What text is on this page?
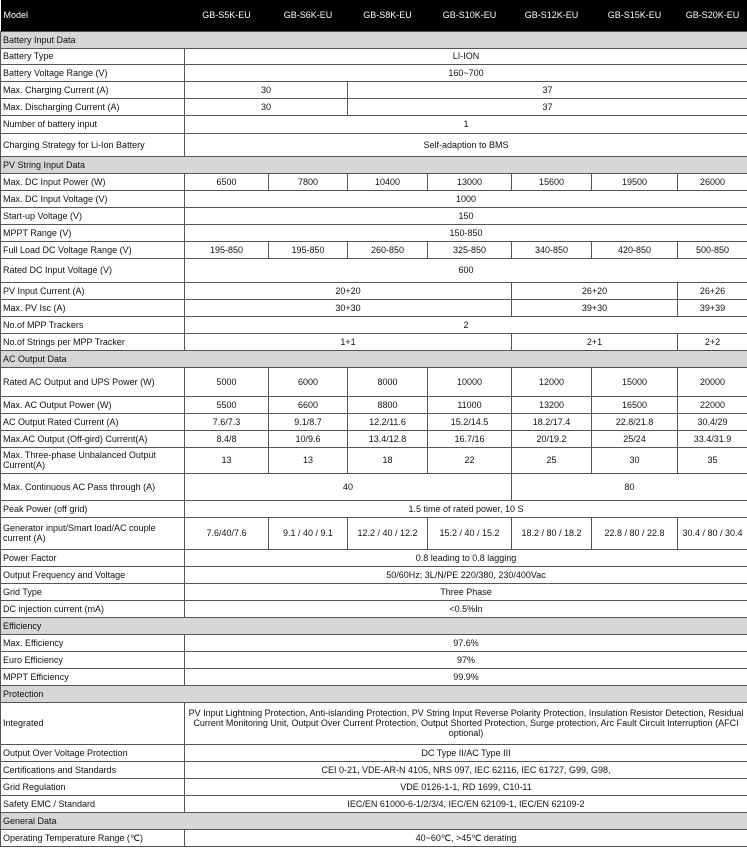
Model	GB-S5K-EU	GB-S6K-EU	GB-S8K-EU	GB-S10K-EU	GB-S12K-EU	GB-S15K-EU	GB-S20K-EU
Battery Input Data							
Battery Type	LI-ION						
Battery Voltage Range (V)	160~700						
Max. Charging Current (A)	30		37				
Max. Discharging Current (A)	30		37				
Number of battery input	1						
Charging Strategy for Li-Ion Battery	Self-adaption to BMS						
PV String Input Data							
Max. DC Input Power (W)	6500	7800	10400	13000	15600	19500	26000
Max. DC Input Voltage (V)	1000						
Start-up Voltage (V)	150						
MPPT Range (V)	150-850						
Full Load DC Voltage Range (V)	195-850	195-850	260-850	325-850	340-850	420-850	500-850
Rated DC Input Voltage (V)	600						
PV Input Current (A)	20+20				26+20		26+26
Max. PV Isc (A)	30+30				39+30		39+39
No.of MPP Trackers	2						
No.of Strings per MPP Tracker	1+1				2+1		2+2
AC Output Data							
Rated AC Output and UPS Power (W)	5000	6000	8000	10000	12000	15000	20000
Max. AC Output Power (W)	5500	6600	8800	11000	13200	16500	22000
AC Output Rated Current (A)	7.6/7.3	9.1/8.7	12.2/11.6	15.2/14.5	18.2/17.4	22.8/21.8	30.4/29
Max.AC Output (Off-gird) Current(A)	8.4/8	10/9.6	13.4/12.8	16.7/16	20/19.2	25/24	33.4/31.9
Max. Three-phase Unbalanced Output Current(A)	13	13	18	22	25	30	35
Max. Continuous AC Pass through (A)	40				80		
Peak Power (off grid)	1.5 time of rated power, 10 S						
Generator input/Smart load/AC couple current (A)	7.6/40/7.6	9.1 / 40 / 9.1	12.2 / 40 / 12.2	15.2 / 40 / 15.2	18.2 / 80 / 18.2	22.8 / 80 / 22.8	30.4 / 80 / 30.4
Power Factor	0.8 leading to 0.8 lagging						
Output Frequency and Voltage	50/60Hz; 3L/N/PE 220/380, 230/400Vac						
Grid Type	Three Phase						
DC injection current (mA)	<0.5%In						
Efficiency							
Max. Efficiency	97.6%						
Euro Efficiency	97%						
MPPT Efficiency	99.9%						
Protection							
Integrated	PV Input Lightning Protection, Anti-islanding Protection, PV String Input Reverse Polarity Protection, Insulation Resistor Detection, Residual Current Monitoring Unit, Output Over Current Protection, Output Shorted Protection, Surge protection, Arc Fault Circuit Interruption (AFCI optional)						
Output Over Voltage Protection	DC Type II/AC Type III						
Certifications and Standards	CEI 0-21, VDE-AR-N 4105, NRS 097, IEC 62116, IEC 61727, G99, G98,						
Grid Regulation	VDE 0126-1-1, RD 1699, C10-11						
Safety EMC / Standard	IEC/EN 61000-6-1/2/3/4, IEC/EN 62109-1, IEC/EN 62109-2						
General Data							
Operating Temperature Range (℃)	40~60℃, >45℃ derating						
